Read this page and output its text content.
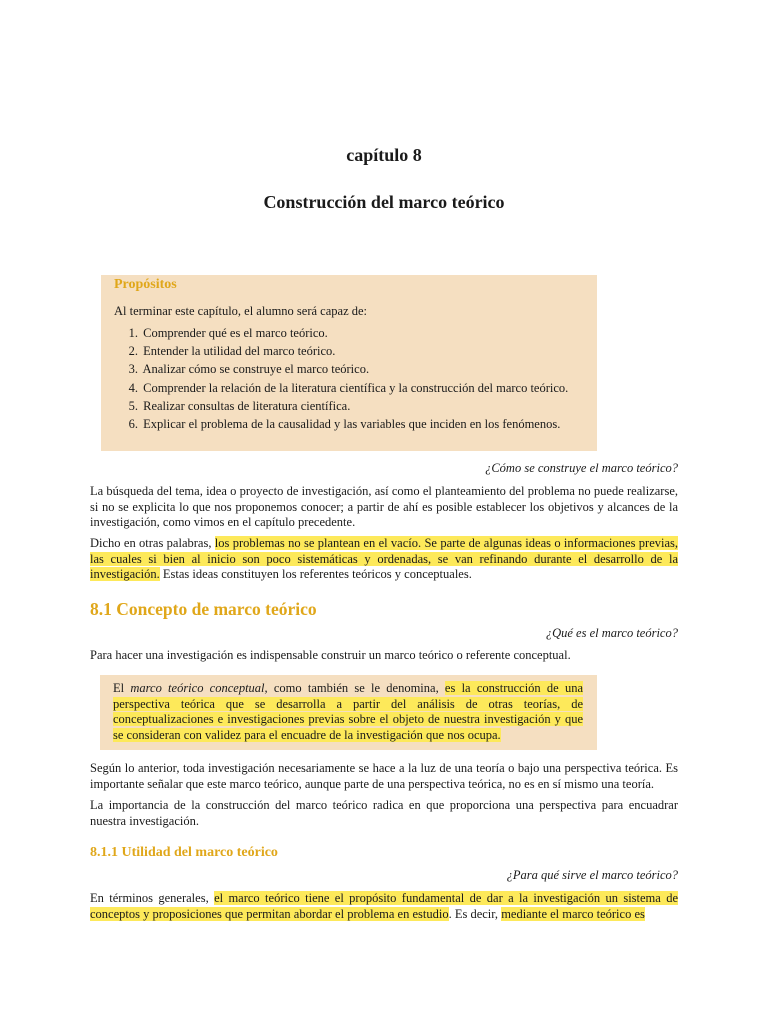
capítulo 8
Construcción del marco teórico
Propósitos

Al terminar este capítulo, el alumno será capaz de:

1. Comprender qué es el marco teórico.
2. Entender la utilidad del marco teórico.
3. Analizar cómo se construye el marco teórico.
4. Comprender la relación de la literatura científica y la construcción del marco teórico.
5. Realizar consultas de literatura científica.
6. Explicar el problema de la causalidad y las variables que inciden en los fenómenos.

¿Cómo se construye el marco teórico?

La búsqueda del tema, idea o proyecto de investigación, así como el planteamiento del problema no puede realizarse, si no se explicita lo que nos proponemos conocer; a partir de ahí es posible establecer los objetivos y alcances de la investigación, como vimos en el capítulo precedente.

Dicho en otras palabras, los problemas no se plantean en el vacío. Se parte de algunas ideas o informaciones previas, las cuales si bien al inicio son poco sistemáticas y ordenadas, se van refinando durante el desarrollo de la investigación. Estas ideas constituyen los referentes teóricos y conceptuales.

8.1 Concepto de marco teórico

¿Qué es el marco teórico?

Para hacer una investigación es indispensable construir un marco teórico o referente conceptual.

El marco teórico conceptual, como también se le denomina, es la construcción de una perspectiva teórica que se desarrolla a partir del análisis de otras teorías, de conceptualizaciones e investigaciones previas sobre el objeto de nuestra investigación y que se consideran con validez para el encuadre de la investigación que nos ocupa.

Según lo anterior, toda investigación necesariamente se hace a la luz de una teoría o bajo una perspectiva teórica. Es importante señalar que este marco teórico, aunque parte de una perspectiva teórica, no es en sí mismo una teoría.

La importancia de la construcción del marco teórico radica en que proporciona una perspectiva para encuadrar nuestra investigación.

8.1.1 Utilidad del marco teórico

¿Para qué sirve el marco teórico?

En términos generales, el marco teórico tiene el propósito fundamental de dar a la investigación un sistema de conceptos y proposiciones que permitan abordar el problema en estudio. Es decir, mediante el marco teórico es
